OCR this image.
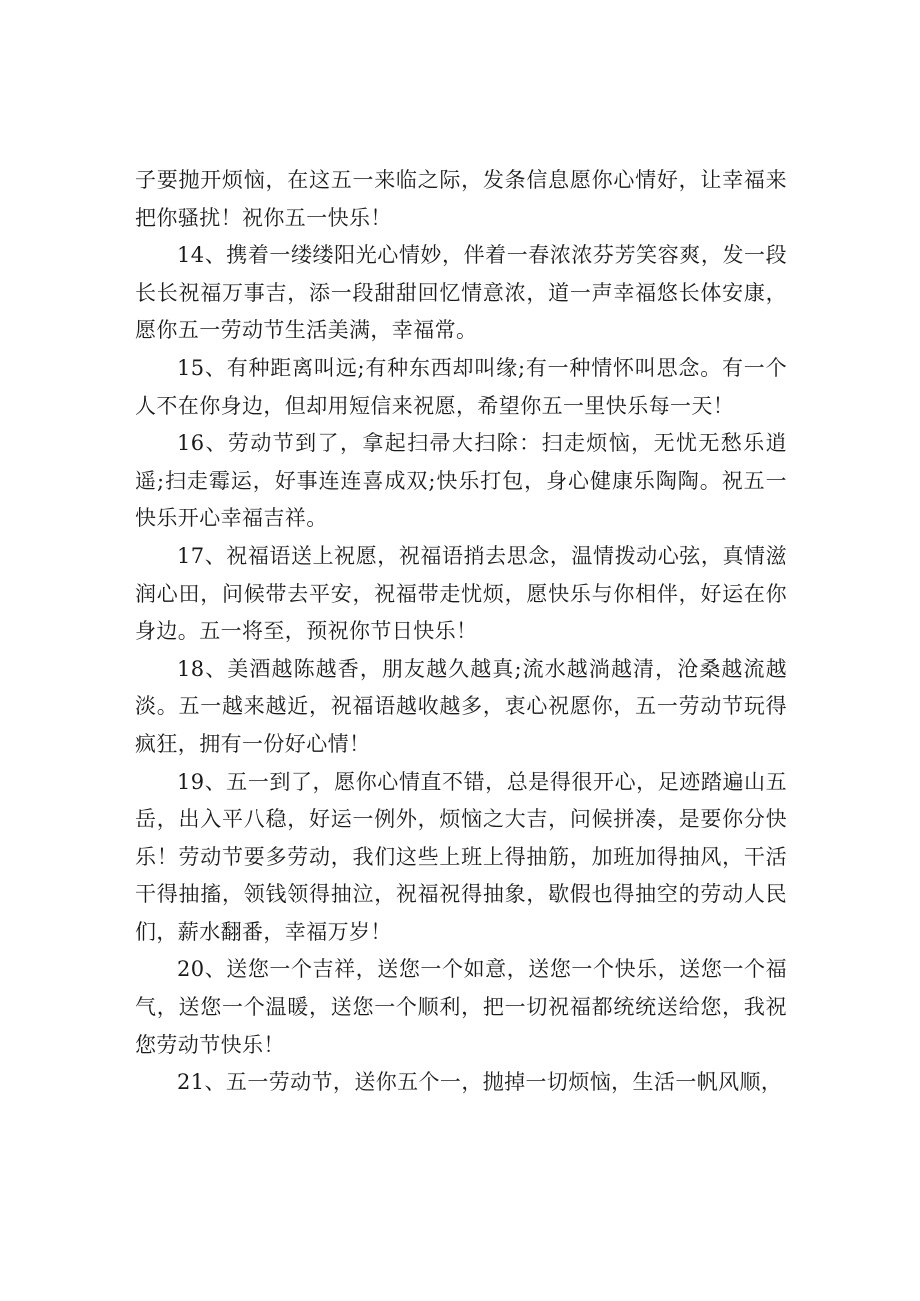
子要抛开烦恼，在这五一来临之际，发条信息愿你心情好，让幸福来把你骚扰！祝你五一快乐！

14、携着一缕缕阳光心情妙，伴着一春浓浓芬芳笑容爽，发一段长长祝福万事吉，添一段甜甜回忆情意浓，道一声幸福悠长体安康，愿你五一劳动节生活美满，幸福常。

15、有种距离叫远;有种东西却叫缘;有一种情怀叫思念。有一个人不在你身边，但却用短信来祝愿，希望你五一里快乐每一天！

16、劳动节到了，拿起扫帚大扫除：扫走烦恼，无忧无愁乐逍遥;扫走霉运，好事连连喜成双;快乐打包，身心健康乐陶陶。祝五一快乐开心幸福吉祥。

17、祝福语送上祝愿，祝福语捎去思念，温情拨动心弦，真情滋润心田，问候带去平安，祝福带走忧烦，愿快乐与你相伴，好运在你身边。五一将至，预祝你节日快乐！

18、美酒越陈越香，朋友越久越真;流水越淌越清，沧桑越流越淡。五一越来越近，祝福语越收越多，衷心祝愿你，五一劳动节玩得疯狂，拥有一份好心情！

19、五一到了，愿你心情直不错，总是得很开心，足迹踏遍山五岳，出入平八稳，好运一例外，烦恼之大吉，问候拼凑，是要你分快乐！劳动节要多劳动，我们这些上班上得抽筋，加班加得抽风，干活干得抽搐，领钱领得抽泣，祝福祝得抽象，歇假也得抽空的劳动人民们，薪水翻番，幸福万岁！

20、送您一个吉祥，送您一个如意，送您一个快乐，送您一个福气，送您一个温暖，送您一个顺利，把一切祝福都统统送给您，我祝您劳动节快乐！

21、五一劳动节，送你五个一，抛掉一切烦恼，生活一帆风顺，
